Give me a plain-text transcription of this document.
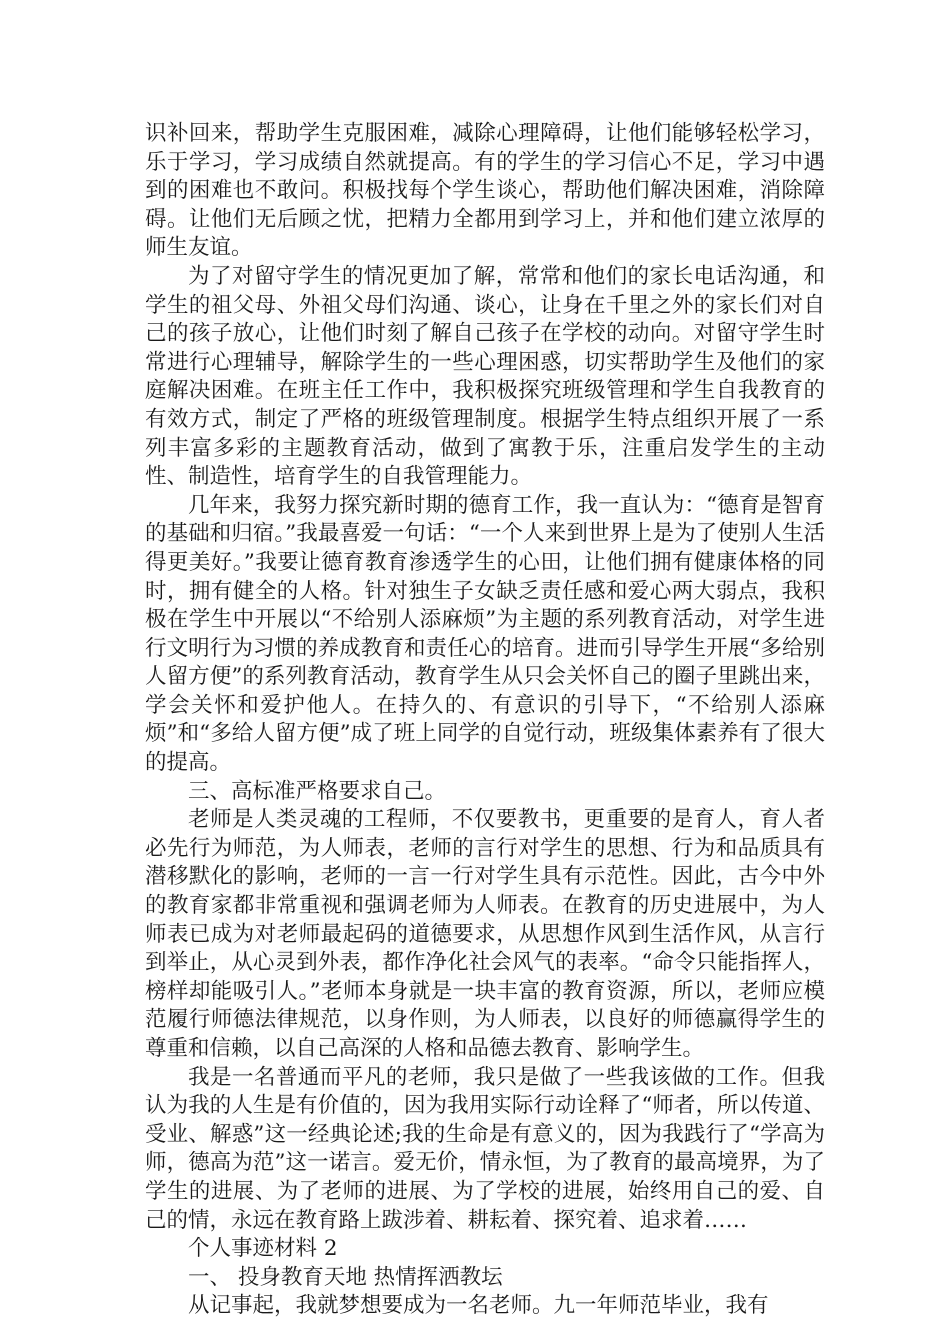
识补回来，帮助学生克服困难，减除心理障碍，让他们能够轻松学习，乐于学习，学习成绩自然就提高。有的学生的学习信心不足，学习中遇到的困难也不敢问。积极找每个学生谈心，帮助他们解决困难，消除障碍。让他们无后顾之忧，把精力全都用到学习上，并和他们建立浓厚的师生友谊。

为了对留守学生的情况更加了解，常常和他们的家长电话沟通，和学生的祖父母、外祖父母们沟通、谈心，让身在千里之外的家长们对自己的孩子放心，让他们时刻了解自己孩子在学校的动向。对留守学生时常进行心理辅导，解除学生的一些心理困惑，切实帮助学生及他们的家庭解决困难。在班主任工作中，我积极探究班级管理和学生自我教育的有效方式，制定了严格的班级管理制度。根据学生特点组织开展了一系列丰富多彩的主题教育活动，做到了寓教于乐，注重启发学生的主动性、制造性，培育学生的自我管理能力。

几年来，我努力探究新时期的德育工作，我一直认为：“德育是智育的基础和归宿。”我最喜爱一句话：“一个人来到世界上是为了使别人生活得更美好。”我要让德育教育渗透学生的心田，让他们拥有健康体格的同时，拥有健全的人格。针对独生子女缺乏责任感和爱心两大弱点，我积极在学生中开展以“不给别人添麻烦”为主题的系列教育活动，对学生进行文明行为习惯的养成教育和责任心的培育。进而引导学生开展“多给别人留方便”的系列教育活动，教育学生从只会关怀自己的圈子里跳出来，学会关怀和爱护他人。在持久的、有意识的引导下，“不给别人添麻烦”和“多给人留方便”成了班上同学的自觉行动，班级集体素养有了很大的提高。

三、高标准严格要求自己。

老师是人类灵魂的工程师，不仅要教书，更重要的是育人，育人者必先行为师范，为人师表，老师的言行对学生的思想、行为和品质具有潜移默化的影响，老师的一言一行对学生具有示范性。因此，古今中外的教育家都非常重视和强调老师为人师表。在教育的历史进展中，为人师表已成为对老师最起码的道德要求，从思想作风到生活作风，从言行到举止，从心灵到外表，都作净化社会风气的表率。“命令只能指挥人，榜样却能吸引人。”老师本身就是一块丰富的教育资源，所以，老师应模范履行师德法律规范，以身作则，为人师表，以良好的师德赢得学生的尊重和信赖，以自己高深的人格和品德去教育、影响学生。

我是一名普通而平凡的老师，我只是做了一些我该做的工作。但我认为我的人生是有价值的，因为我用实际行动诠释了“师者，所以传道、受业、解惑”这一经典论述;我的生命是有意义的，因为我践行了“学高为师，德高为范”这一诺言。爱无价，情永恒，为了教育的最高境界，为了学生的进展、为了老师的进展、为了学校的进展，始终用自己的爱、自己的情，永远在教育路上跋涉着、耕耘着、探究着、追求着……

个人事迹材料 2

一、 投身教育天地 热情挥洒教坛

从记事起，我就梦想要成为一名老师。九一年师范毕业，我有
